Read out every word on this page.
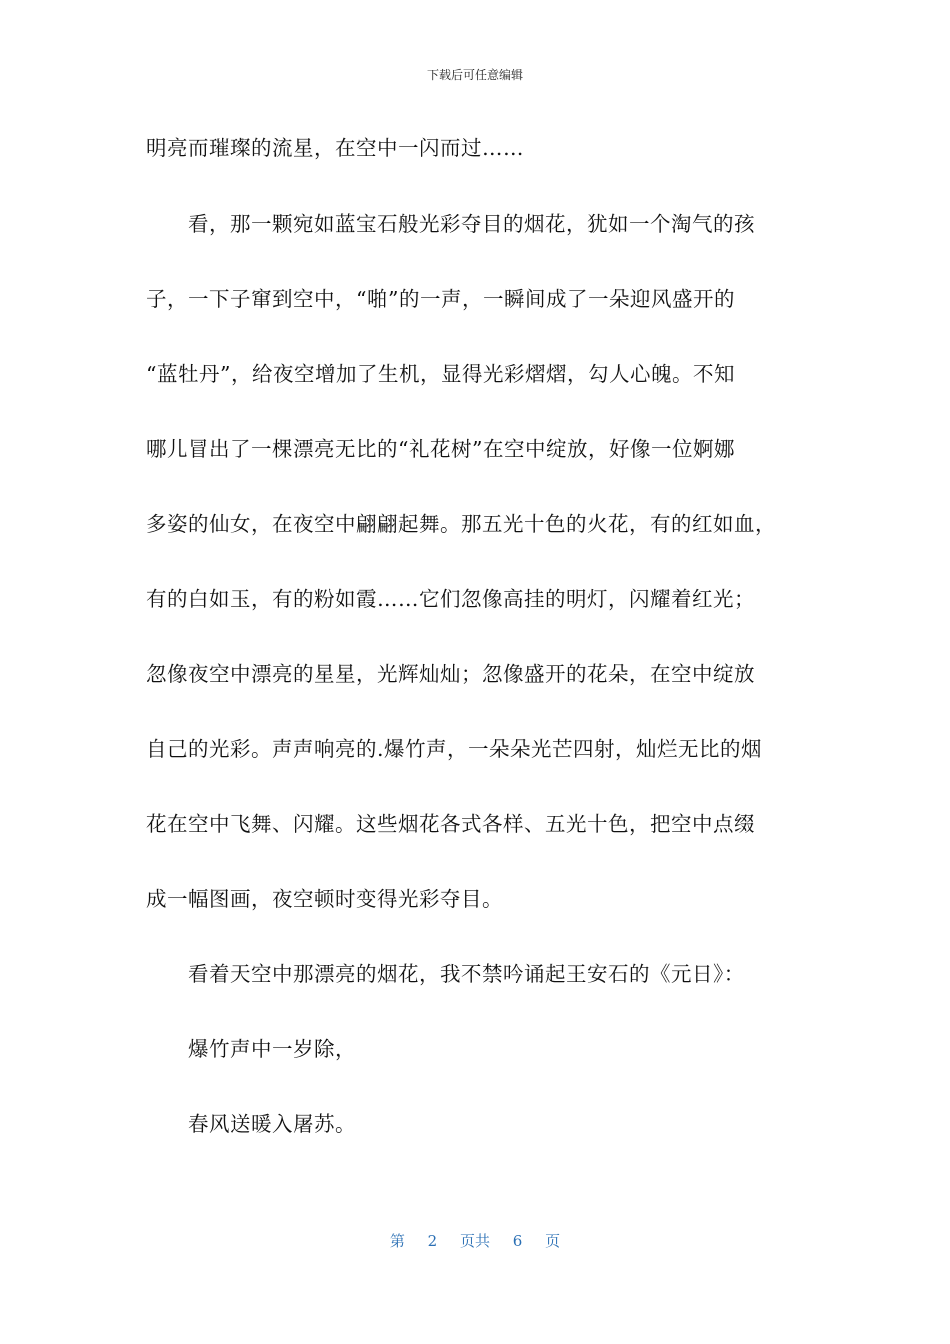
下载后可任意编辑
明亮而璀璨的流星，在空中一闪而过……
看，那一颗宛如蓝宝石般光彩夺目的烟花，犹如一个淘气的孩
子，一下子窜到空中，“啪”的一声，一瞬间成了一朵迎风盛开的
“蓝牡丹”，给夜空增加了生机，显得光彩熠熠，勾人心魄。不知
哪儿冒出了一棵漂亮无比的“礼花树”在空中绽放，好像一位婀娜
多姿的仙女，在夜空中翩翩起舞。那五光十色的火花，有的红如血，
有的白如玉，有的粉如霞……它们忽像高挂的明灯，闪耀着红光；
忽像夜空中漂亮的星星，光辉灿灿；忽像盛开的花朵，在空中绽放
自己的光彩。声声响亮的.爆竹声，一朵朵光芒四射，灿烂无比的烟
花在空中飞舞、闪耀。这些烟花各式各样、五光十色，把空中点缀
成一幅图画，夜空顿时变得光彩夺目。
看着天空中那漂亮的烟花，我不禁吟诵起王安石的《元日》：
爆竹声中一岁除，
春风送暖入屠苏。
第 2 页共 6 页
